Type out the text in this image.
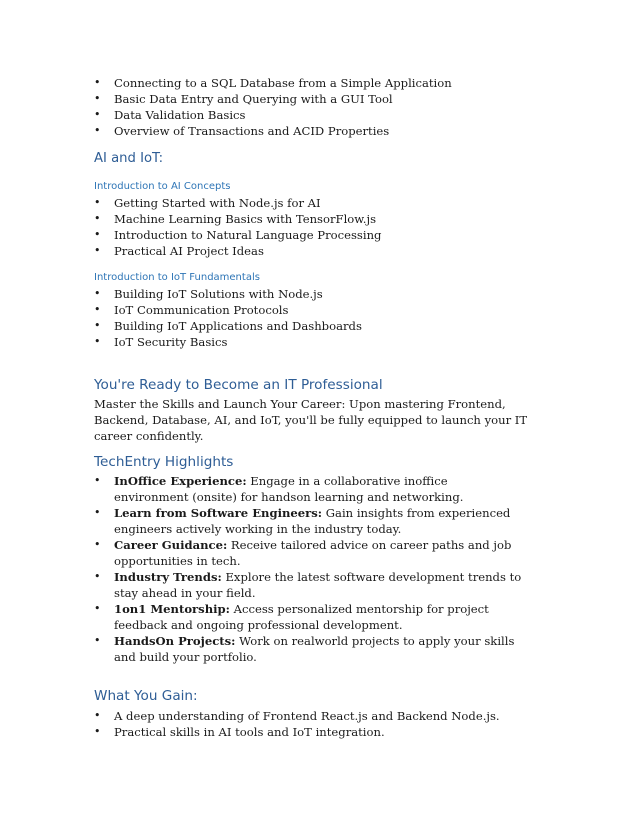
• Connecting to a SQL Database from a Simple Application
• Basic Data Entry and Querying with a GUI Tool
• Data Validation Basics
• Overview of Transactions and ACID Properties
AI and IoT:
Introduction to AI Concepts
• Getting Started with Node.js for AI
• Machine Learning Basics with TensorFlow.js
• Introduction to Natural Language Processing
• Practical AI Project Ideas
Introduction to IoT Fundamentals
• Building IoT Solutions with Node.js
• IoT Communication Protocols
• Building IoT Applications and Dashboards
• IoT Security Basics
You're Ready to Become an IT Professional

Master the Skills and Launch Your Career: Upon mastering Frontend, Backend, Database, AI, and IoT, you'll be fully equipped to launch your IT career confidently.

TechEntry Highlights
• InOffice Experience: Engage in a collaborative inoffice environment (onsite) for handson learning and networking.
• Learn from Software Engineers: Gain insights from experienced engineers actively working in the industry today.
• Career Guidance: Receive tailored advice on career paths and job opportunities in tech.
• Industry Trends: Explore the latest software development trends to stay ahead in your field.
• 1on1 Mentorship: Access personalized mentorship for project feedback and ongoing professional development.
• HandsOn Projects: Work on realworld projects to apply your skills and build your portfolio.
What You Gain:
• A deep understanding of Frontend React.js and Backend Node.js.
• Practical skills in AI tools and IoT integration.
